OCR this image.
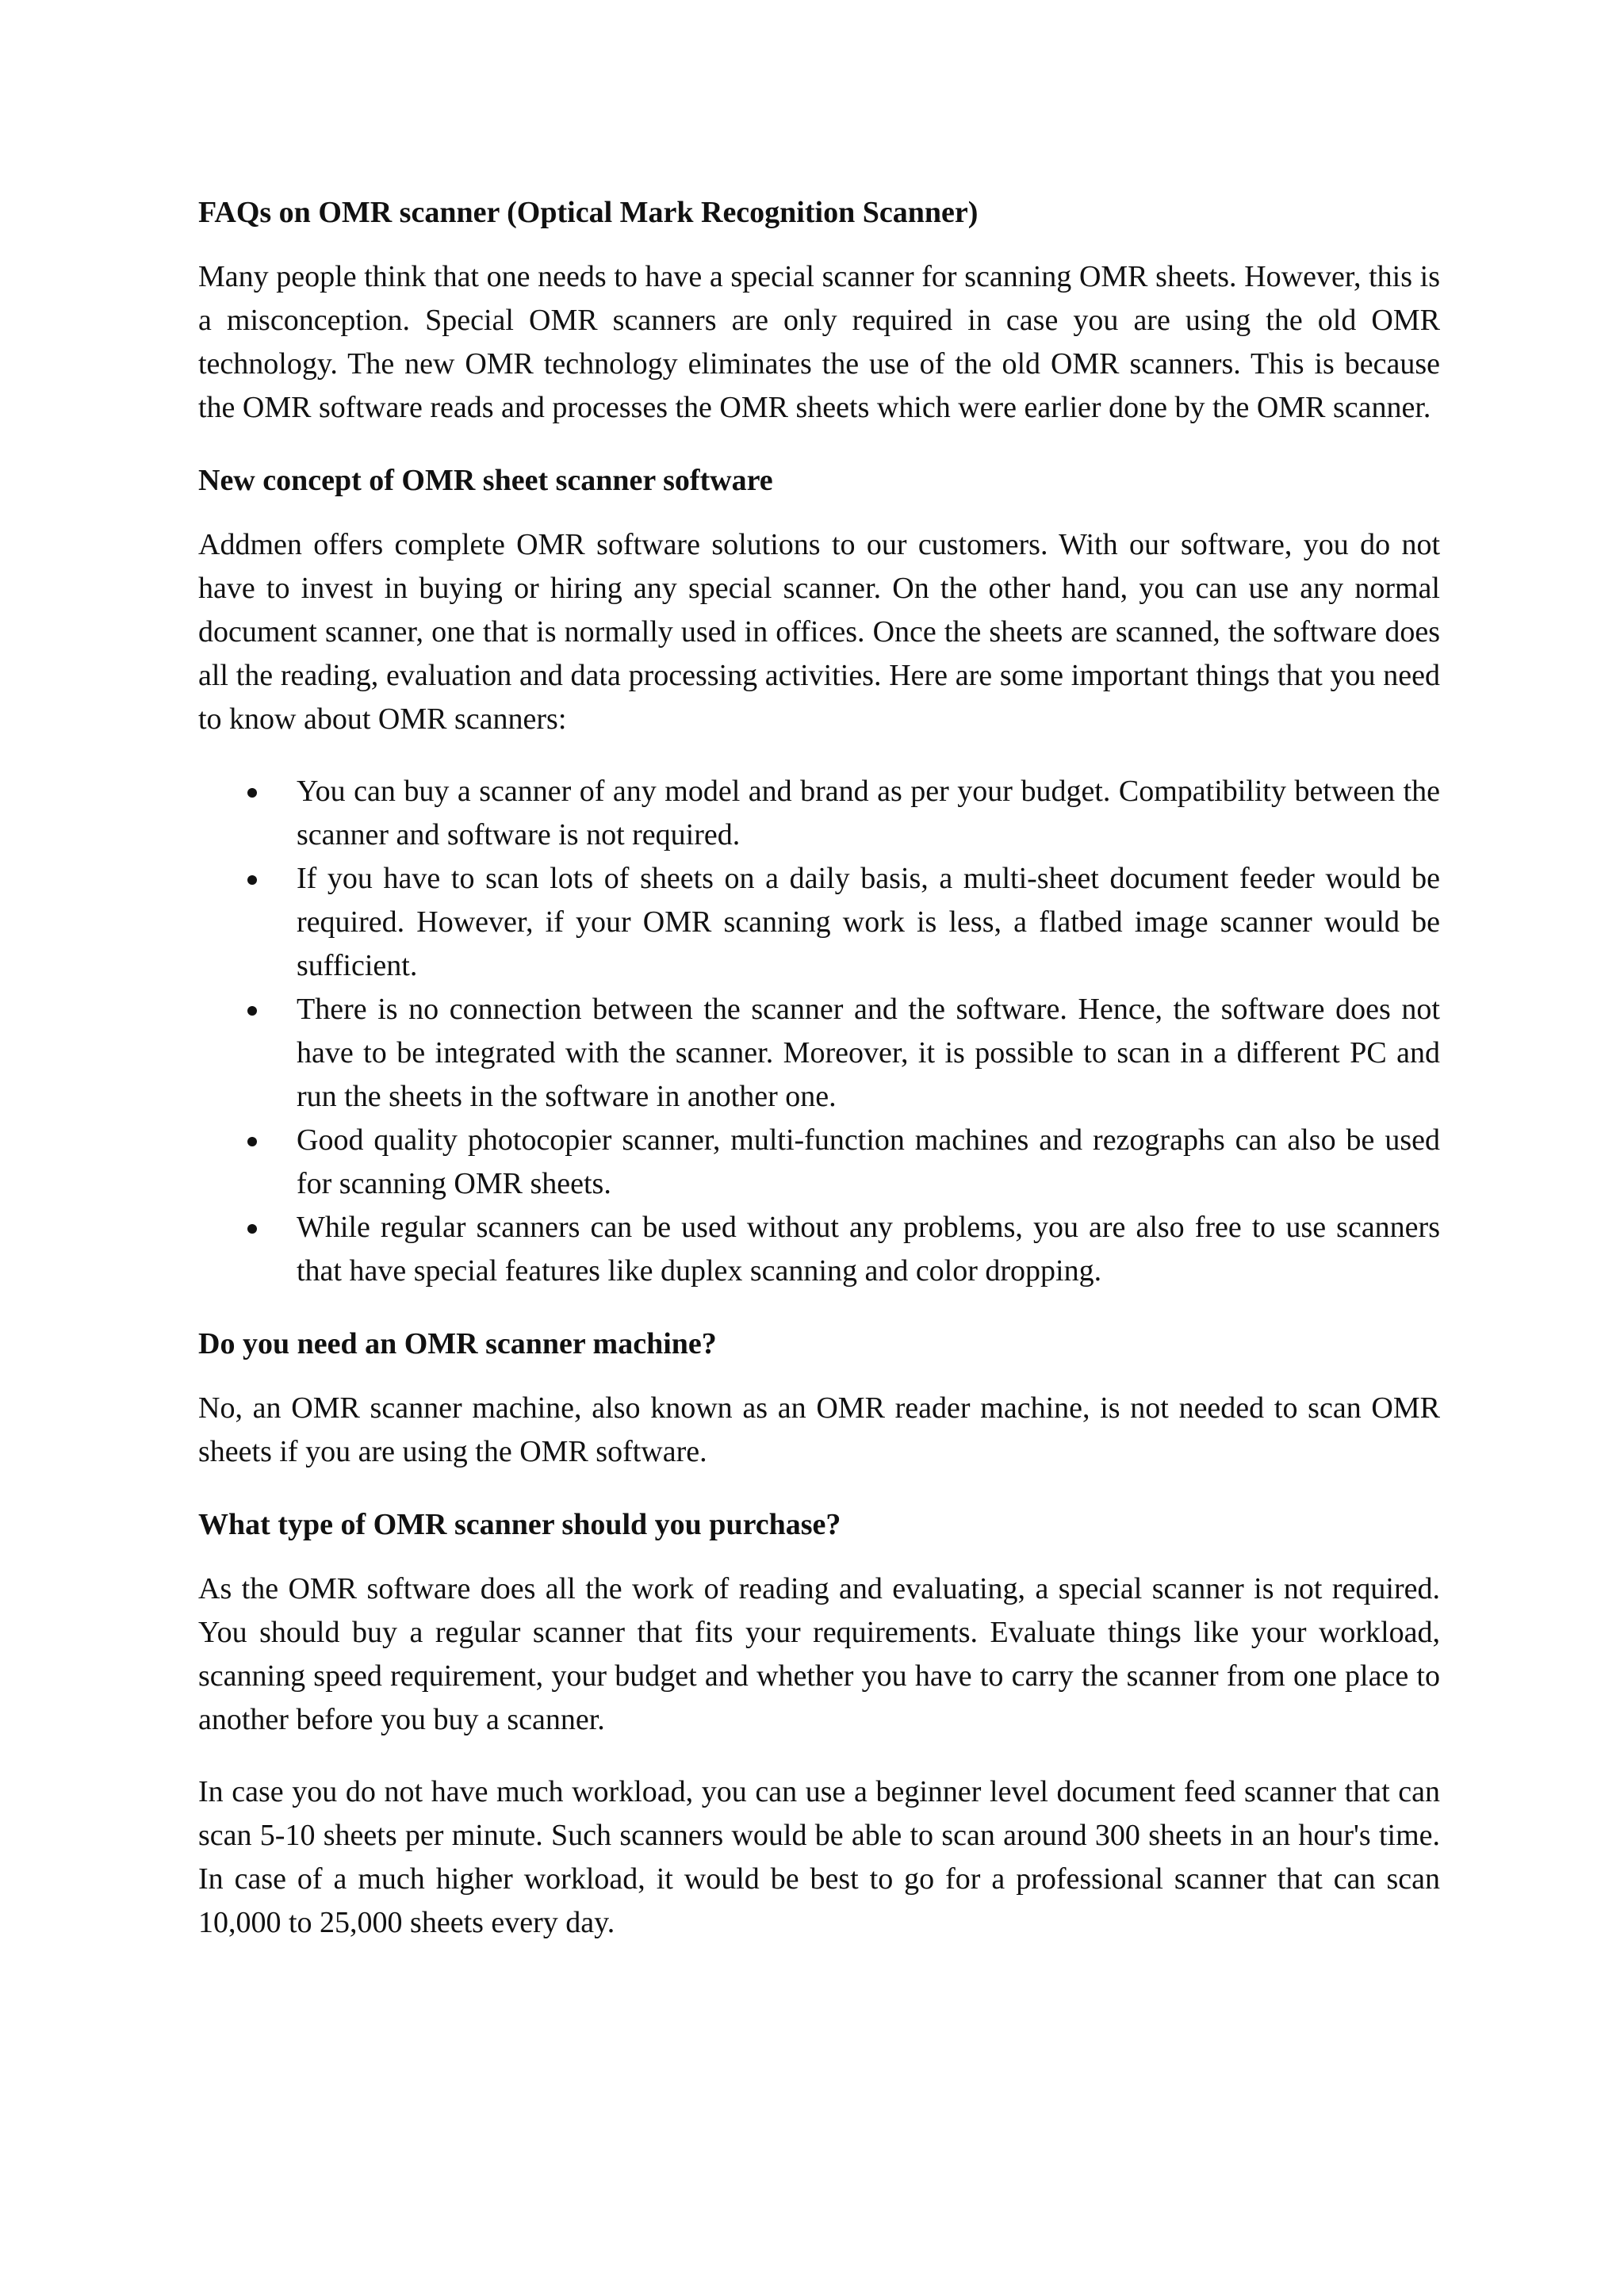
FAQs on OMR scanner (Optical Mark Recognition Scanner)

Many people think that one needs to have a special scanner for scanning OMR sheets. However, this is a misconception. Special OMR scanners are only required in case you are using the old OMR technology. The new OMR technology eliminates the use of the old OMR scanners. This is because the OMR software reads and processes the OMR sheets which were earlier done by the OMR scanner.

New concept of OMR sheet scanner software

Addmen offers complete OMR software solutions to our customers. With our software, you do not have to invest in buying or hiring any special scanner. On the other hand, you can use any normal document scanner, one that is normally used in offices. Once the sheets are scanned, the software does all the reading, evaluation and data processing activities. Here are some important things that you need to know about OMR scanners:

You can buy a scanner of any model and brand as per your budget. Compatibility between the scanner and software is not required.
If you have to scan lots of sheets on a daily basis, a multi-sheet document feeder would be required. However, if your OMR scanning work is less, a flatbed image scanner would be sufficient.
There is no connection between the scanner and the software. Hence, the software does not have to be integrated with the scanner. Moreover, it is possible to scan in a different PC and run the sheets in the software in another one.
Good quality photocopier scanner, multi-function machines and rezographs can also be used for scanning OMR sheets.
While regular scanners can be used without any problems, you are also free to use scanners that have special features like duplex scanning and color dropping.
Do you need an OMR scanner machine?

No, an OMR scanner machine, also known as an OMR reader machine, is not needed to scan OMR sheets if you are using the OMR software.

What type of OMR scanner should you purchase?

As the OMR software does all the work of reading and evaluating, a special scanner is not required. You should buy a regular scanner that fits your requirements. Evaluate things like your workload, scanning speed requirement, your budget and whether you have to carry the scanner from one place to another before you buy a scanner.

In case you do not have much workload, you can use a beginner level document feed scanner that can scan 5-10 sheets per minute. Such scanners would be able to scan around 300 sheets in an hour's time. In case of a much higher workload, it would be best to go for a professional scanner that can scan 10,000 to 25,000 sheets every day.
